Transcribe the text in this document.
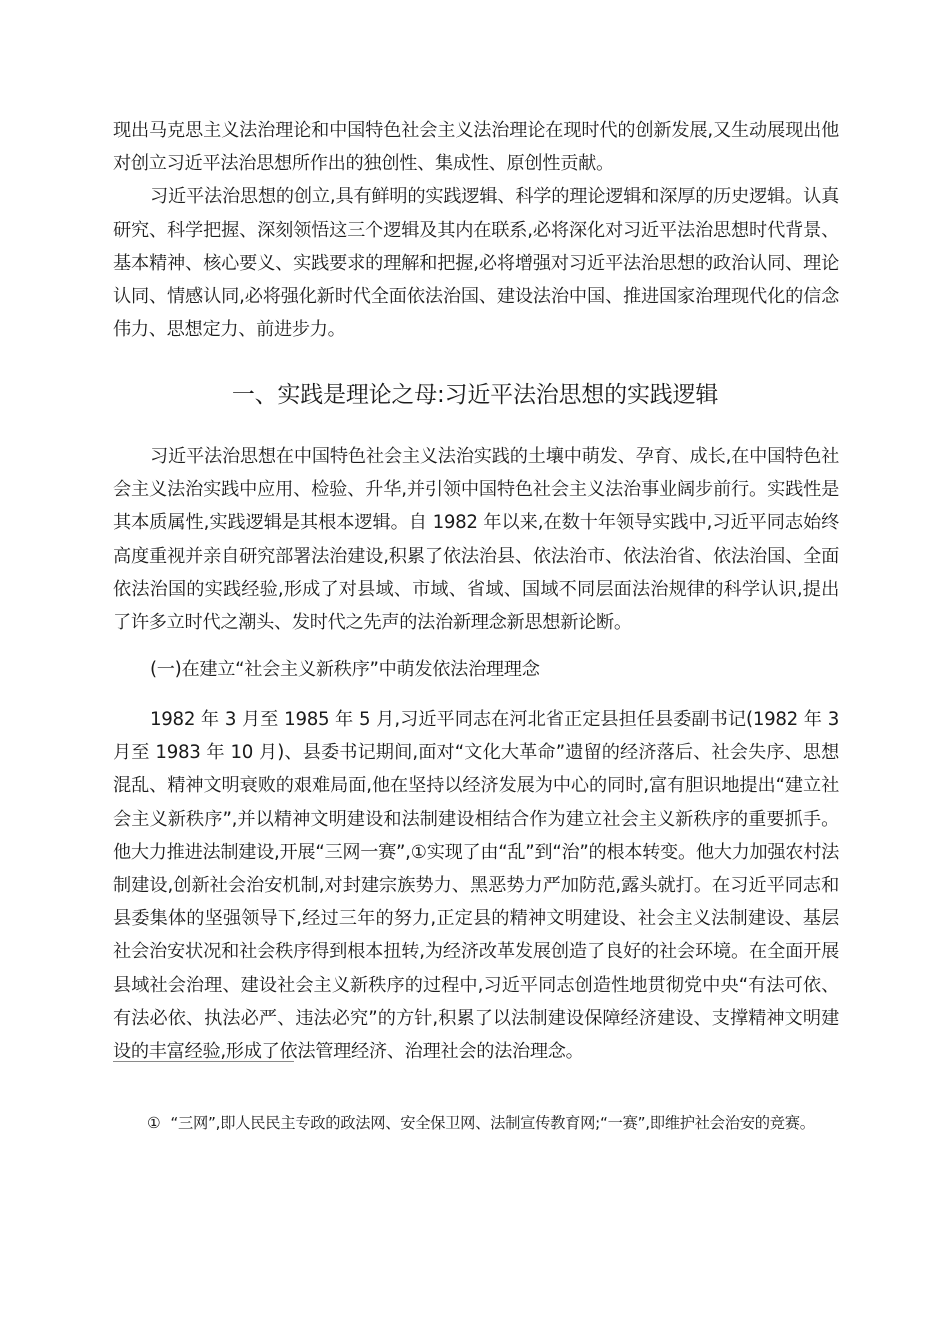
现出马克思主义法治理论和中国特色社会主义法治理论在现时代的创新发展,又生动展现出他对创立习近平法治思想所作出的独创性、集成性、原创性贡献。

习近平法治思想的创立,具有鲜明的实践逻辑、科学的理论逻辑和深厚的历史逻辑。认真研究、科学把握、深刻领悟这三个逻辑及其内在联系,必将深化对习近平法治思想时代背景、基本精神、核心要义、实践要求的理解和把握,必将增强对习近平法治思想的政治认同、理论认同、情感认同,必将强化新时代全面依法治国、建设法治中国、推进国家治理现代化的信念伟力、思想定力、前进步力。

一、实践是理论之母:习近平法治思想的实践逻辑

习近平法治思想在中国特色社会主义法治实践的土壤中萌发、孕育、成长,在中国特色社会主义法治实践中应用、检验、升华,并引领中国特色社会主义法治事业阔步前行。实践性是其本质属性,实践逻辑是其根本逻辑。自 1982 年以来,在数十年领导实践中,习近平同志始终高度重视并亲自研究部署法治建设,积累了依法治县、依法治市、依法治省、依法治国、全面依法治国的实践经验,形成了对县域、市域、省域、国域不同层面法治规律的科学认识,提出了许多立时代之潮头、发时代之先声的法治新理念新思想新论断。

(一)在建立“社会主义新秩序”中萌发依法治理理念

1982 年 3 月至 1985 年 5 月,习近平同志在河北省正定县担任县委副书记(1982 年 3 月至 1983 年 10 月)、县委书记期间,面对“文化大革命”遗留的经济落后、社会失序、思想混乱、精神文明衰败的艰难局面,他在坚持以经济发展为中心的同时,富有胆识地提出“建立社会主义新秩序”,并以精神文明建设和法制建设相结合作为建立社会主义新秩序的重要抓手。他大力推进法制建设,开展“三网一赛”,①实现了由“乱”到“治”的根本转变。他大力加强农村法制建设,创新社会治安机制,对封建宗族势力、黑恶势力严加防范,露头就打。在习近平同志和县委集体的坚强领导下,经过三年的努力,正定县的精神文明建设、社会主义法制建设、基层社会治安状况和社会秩序得到根本扭转,为经济改革发展创造了良好的社会环境。在全面开展县域社会治理、建设社会主义新秩序的过程中,习近平同志创造性地贯彻党中央“有法可依、有法必依、执法必严、违法必究”的方针,积累了以法制建设保障经济建设、支撑精神文明建设的丰富经验,形成了依法管理经济、治理社会的法治理念。

① “三网”,即人民民主专政的政法网、安全保卫网、法制宣传教育网;“一赛”,即维护社会治安的竞赛。
